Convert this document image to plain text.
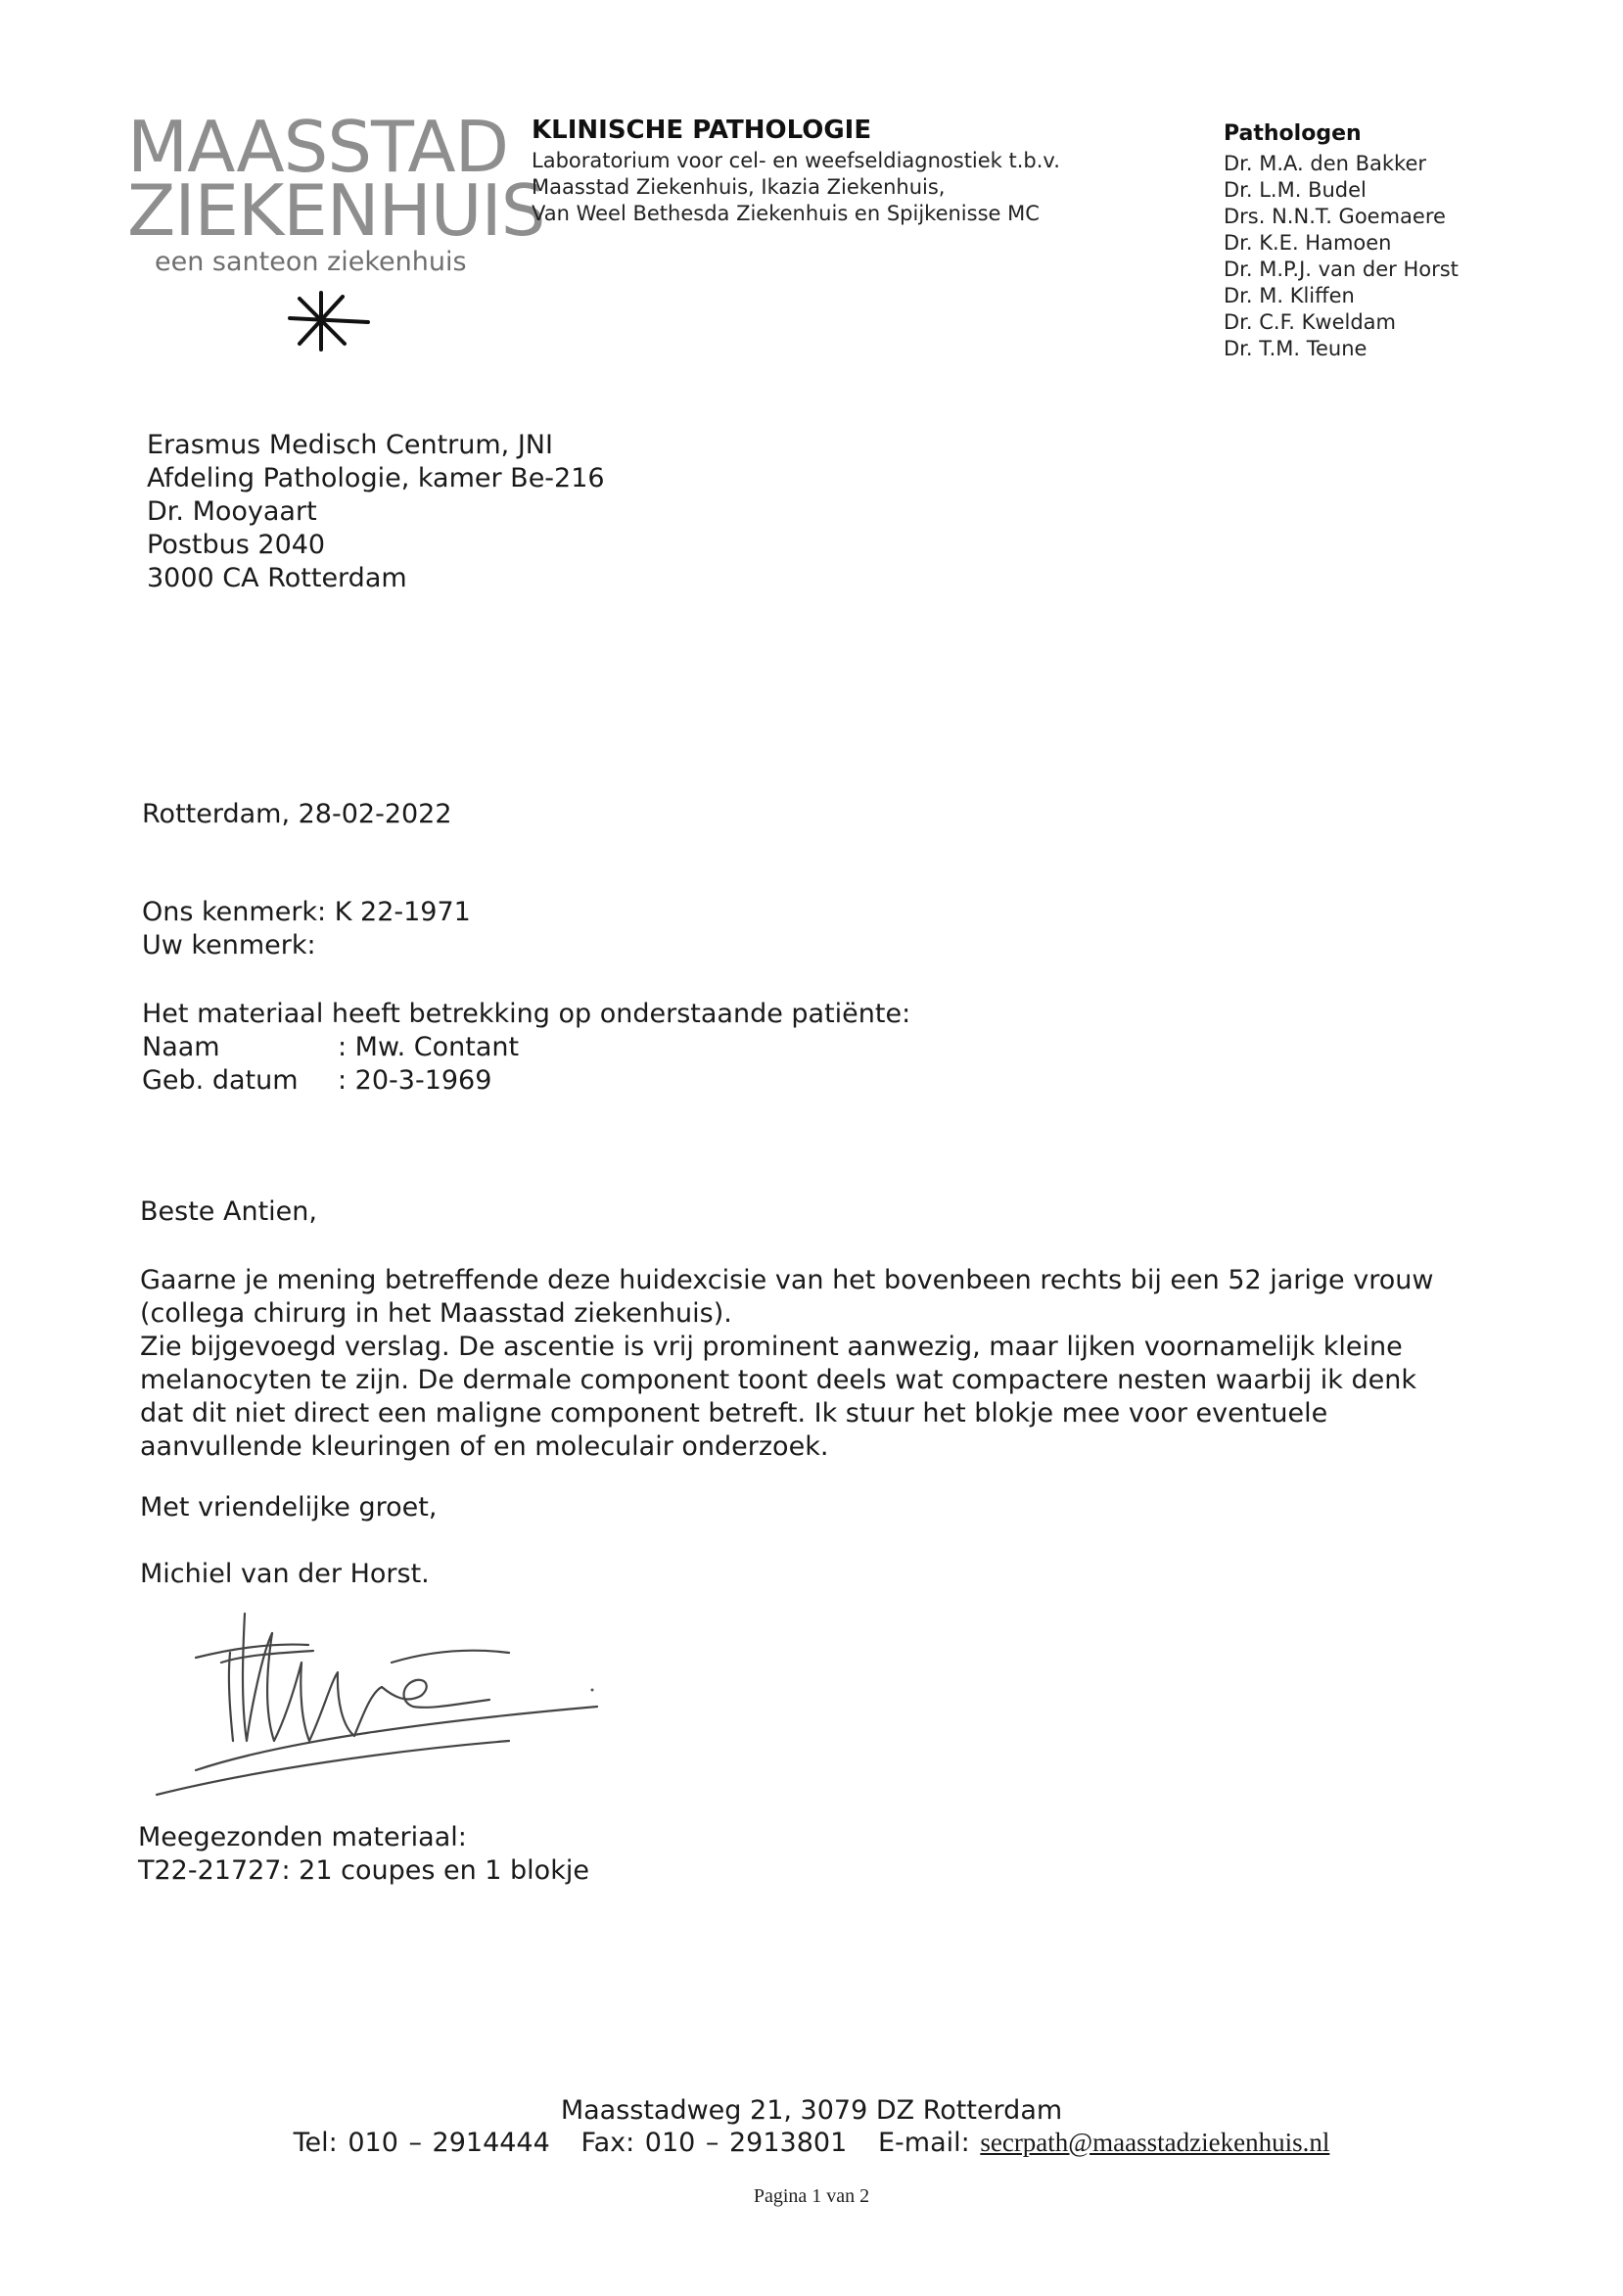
MAASSTAD
ZIEKENHUIS
een santeon ziekenhuis
KLINISCHE PATHOLOGIE
Laboratorium voor cel- en weefseldiagnostiek t.b.v.
Maasstad Ziekenhuis, Ikazia Ziekenhuis,
Van Weel Bethesda Ziekenhuis en Spijkenisse MC
Pathologen
Dr. M.A. den Bakker
Dr. L.M. Budel
Drs. N.N.T. Goemaere
Dr. K.E. Hamoen
Dr. M.P.J. van der Horst
Dr. M. Kliffen
Dr. C.F. Kweldam
Dr. T.M. Teune
Erasmus Medisch Centrum, JNI
Afdeling Pathologie, kamer Be-216
Dr. Mooyaart
Postbus 2040
3000 CA Rotterdam
Rotterdam, 28-02-2022
Ons kenmerk: K 22-1971
Uw kenmerk:
Het materiaal heeft betrekking op onderstaande patiënte:
Naam	: Mw. Contant
Geb. datum	: 20-3-1969
Beste Antien,
Gaarne je mening betreffende deze huidexcisie van het bovenbeen rechts bij een 52 jarige vrouw
(collega chirurg in het Maasstad ziekenhuis).
Zie bijgevoegd verslag. De ascentie is vrij prominent aanwezig, maar lijken voornamelijk kleine
melanocyten te zijn. De dermale component toont deels wat compactere nesten waarbij ik denk
dat dit niet direct een maligne component betreft. Ik stuur het blokje mee voor eventuele
aanvullende kleuringen of en moleculair onderzoek.
Met vriendelijke groet,
Michiel van der Horst.
Meegezonden materiaal:
T22-21727: 21 coupes en 1 blokje
Maasstadweg 21, 3079 DZ Rotterdam
Tel: 010 – 2914444 Fax: 010 – 2913801 E-mail: secrpath@maasstadziekenhuis.nl
Pagina 1 van 2
